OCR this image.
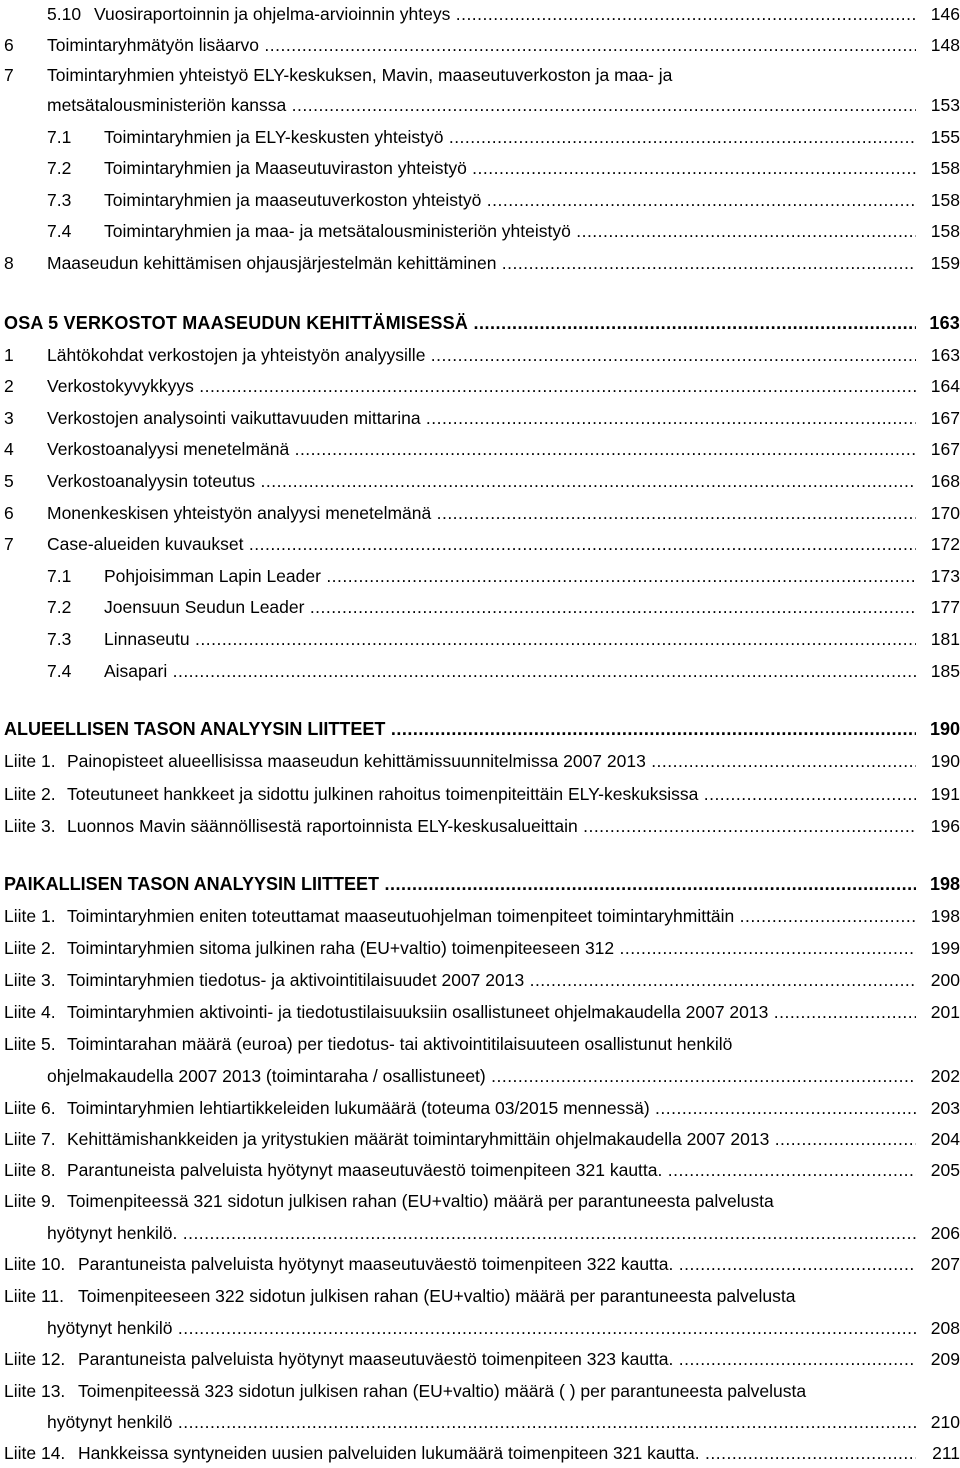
5.10 Vuosiraportoinnin ja ohjelma-arvioinnin yhteys .....	146
6 Toimintaryhmätyön lisäarvo .....	148
7 Toimintaryhmien yhteistyö ELY-keskuksen, Mavin, maaseutuverkoston ja maa- ja
metsätalousministeriön kanssa .....	153
7.1 Toimintaryhmien ja ELY-keskusten yhteistyö .....	155
7.2 Toimintaryhmien ja Maaseutuviraston yhteistyö .....	158
7.3 Toimintaryhmien ja maaseutuverkoston yhteistyö .....	158
7.4 Toimintaryhmien ja maa- ja metsätalousministeriön yhteistyö .....	158
8 Maaseudun kehittämisen ohjausjärjestelmän kehittäminen .....	159
OSA 5 VERKOSTOT MAASEUDUN KEHITTÄMISESSÄ .....	163
1 Lähtökohdat verkostojen ja yhteistyön analyysille .....	163
2 Verkostokyvykkyys .....	164
3 Verkostojen analysointi vaikuttavuuden mittarina .....	167
4 Verkostoanalyysi menetelmänä .....	167
5 Verkostoanalyysin toteutus .....	168
6 Monenkeskisen yhteistyön analyysi menetelmänä .....	170
7 Case-alueiden kuvaukset .....	172
7.1 Pohjoisimman Lapin Leader .....	173
7.2 Joensuun Seudun Leader .....	177
7.3 Linnaseutu .....	181
7.4 Aisapari .....	185
ALUEELLISEN TASON ANALYYSIN LIITTEET .....	190
Liite 1. Painopisteet alueellisissa maaseudun kehittämissuunnitelmissa 2007 2013 .....	190
Liite 2. Toteutuneet hankkeet ja sidottu julkinen rahoitus toimenpiteittäin ELY-keskuksissa .....	191
Liite 3. Luonnos Mavin säännöllisestä raportoinnista ELY-keskusalueittain .....	196
PAIKALLISEN TASON ANALYYSIN LIITTEET .....	198
Liite 1. Toimintaryhmien eniten toteuttamat maaseutuohjelman toimenpiteet toimintaryhmittäin .....	198
Liite 2. Toimintaryhmien sitoma julkinen raha (EU+valtio) toimenpiteeseen 312 .....	199
Liite 3. Toimintaryhmien tiedotus- ja aktivointitilaisuudet 2007 2013 .....	200
Liite 4. Toimintaryhmien aktivointi- ja tiedotustilaisuuksiin osallistuneet ohjelmakaudella 2007 2013 .....	201
Liite 5. Toimintarahan määrä (euroa) per tiedotus- tai aktivointitilaisuuteen osallistunut henkilö
ohjelmakaudella 2007 2013 (toimintaraha / osallistuneet) .....	202
Liite 6. Toimintaryhmien lehtiartikkeleiden lukumäärä (toteuma 03/2015 mennessä) .....	203
Liite 7. Kehittämishankkeiden ja yritystukien määrät toimintaryhmittäin ohjelmakaudella 2007 2013 .....	204
Liite 8. Parantuneista palveluista hyötynyt maaseutuväestö toimenpiteen 321 kautta. .....	205
Liite 9. Toimenpiteessä 321 sidotun julkisen rahan (EU+valtio) määrä per parantuneesta palvelusta
hyötynyt henkilö. .....	206
Liite 10. Parantuneista palveluista hyötynyt maaseutuväestö toimenpiteen 322 kautta. .....	207
Liite 11. Toimenpiteeseen 322 sidotun julkisen rahan (EU+valtio) määrä per parantuneesta palvelusta
hyötynyt henkilö .....	208
Liite 12. Parantuneista palveluista hyötynyt maaseutuväestö toimenpiteen 323 kautta. .....	209
Liite 13. Toimenpiteessä 323 sidotun julkisen rahan (EU+valtio) määrä ( ) per parantuneesta palvelusta
hyötynyt henkilö .....	210
Liite 14. Hankkeissa syntyneiden uusien palveluiden lukumäärä toimenpiteen 321 kautta. .....	211
